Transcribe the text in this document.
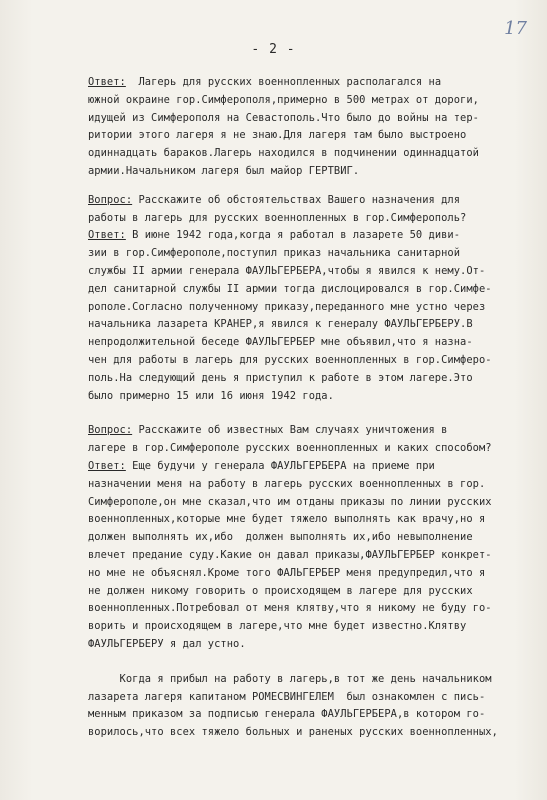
- 2 -
17
Ответ:  Лагерь для русских военнопленных располагался на
южной окраине гор.Симферополя,примерно в 500 метрах от дороги,
идущей из Симферополя на Севастополь.Что было до войны на тер-
ритории этого лагеря я не знаю.Для лагеря там было выстроено
одиннадцать бараков.Лагерь находился в подчинении одиннадцатой
армии.Начальником лагеря был майор ГЕРТВИГ.
Вопрос: Расскажите об обстоятельствах Вашего назначения для
работы в лагерь для русских военнопленных в гор.Симферополь?
Ответ: В июне 1942 года,когда я работал в лазарете 50 диви-
зии в гор.Симферополе,поступил приказ начальника санитарной
службы II армии генерала ФАУЛЬГЕРБЕРА,чтобы я явился к нему.От-
дел санитарной службы II армии тогда дислоцировался в гор.Симфе-
рополе.Согласно полученному приказу,переданного мне устно через
начальника лазарета КРАНЕР,я явился к генералу ФАУЛЬГЕРБЕРУ.В
непродолжительной беседе ФАУЛЬГЕРБЕР мне объявил,что я назна-
чен для работы в лагерь для русских военнопленных в гор.Симферо-
поль.На следующий день я приступил к работе в этом лагере.Это
было примерно 15 или 16 июня 1942 года.
Вопрос: Расскажите об известных Вам случаях уничтожения в
лагере в гор.Симферополе русских военнопленных и каких способом?
Ответ: Еще будучи у генерала ФАУЛЬГЕРБЕРА на приеме при
назначении меня на работу в лагерь русских военнопленных в гор.
Симферополе,он мне сказал,что им отданы приказы по линии русских
военнопленных,которые мне будет тяжело выполнять как врачу,но я
должен выполнять их,ибо  должен выполнять их,ибо невыполнение
влечет предание суду.Какие он давал приказы,ФАУЛЬГЕРБЕР конкрет-
но мне не объяснял.Кроме того ФАЛЬГЕРБЕР меня предупредил,что я
не должен никому говорить о происходящем в лагере для русских
военнопленных.Потребовал от меня клятву,что я никому не буду го-
ворить и происходящем в лагере,что мне будет известно.Клятву
ФАУЛЬГЕРБЕРУ я дал устно.
Когда я прибыл на работу в лагерь,в тот же день начальником
лазарета лагеря капитаном РОМЕСВИНГЕЛЕМ  был ознакомлен с пись-
менным приказом за подписью генерала ФАУЛЬГЕРБЕРА,в котором го-
ворилось,что всех тяжело больных и раненых русских военнопленных,
